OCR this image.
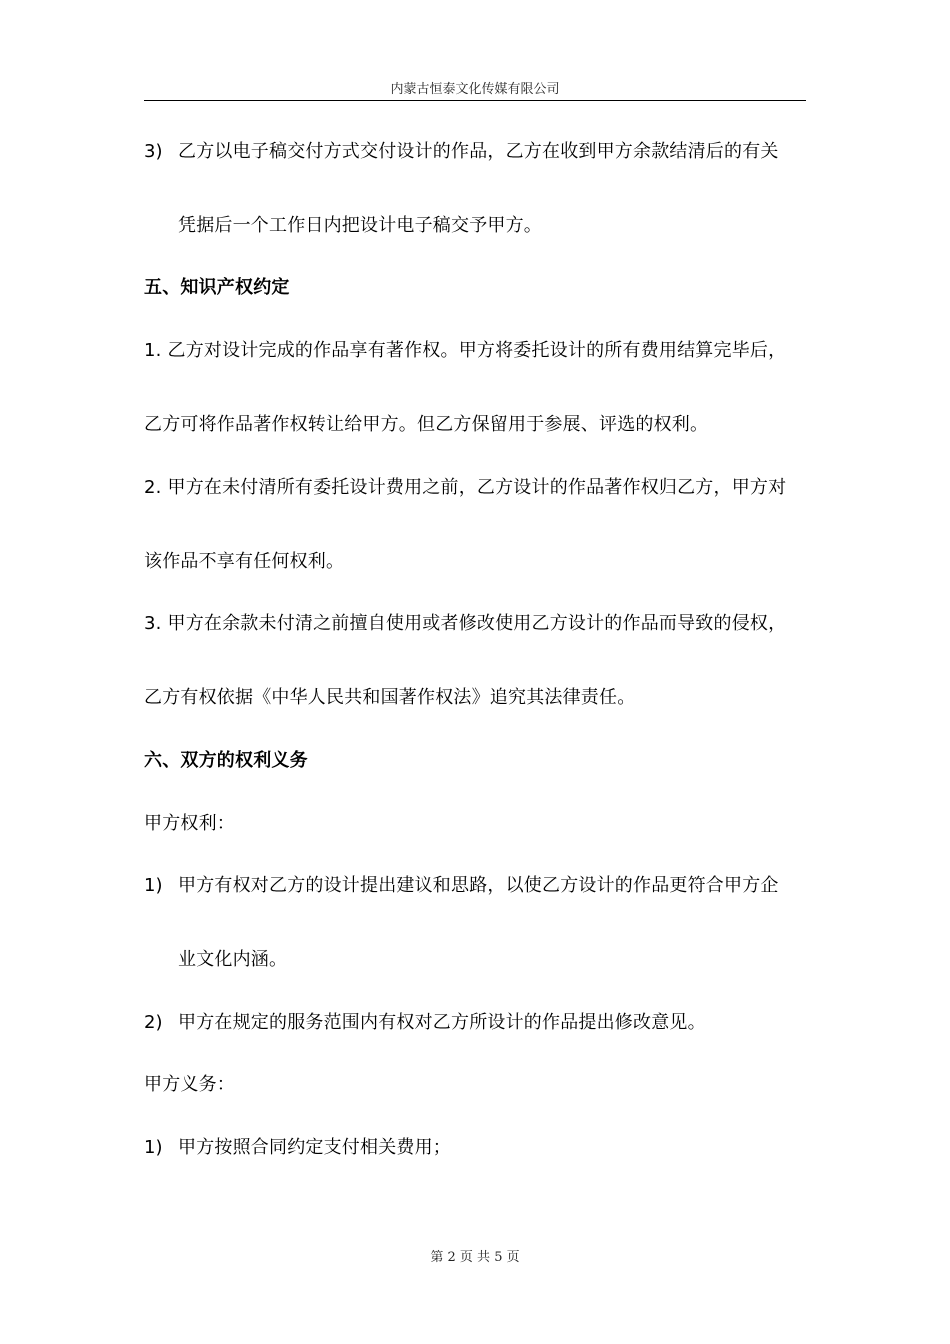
内蒙古恒泰文化传媒有限公司
3) 乙方以电子稿交付方式交付设计的作品，乙方在收到甲方余款结清后的有关
凭据后一个工作日内把设计电子稿交予甲方。
五、知识产权约定
1. 乙方对设计完成的作品享有著作权。甲方将委托设计的所有费用结算完毕后，
乙方可将作品著作权转让给甲方。但乙方保留用于参展、评选的权利。
2. 甲方在未付清所有委托设计费用之前，乙方设计的作品著作权归乙方，甲方对
该作品不享有任何权利。
3. 甲方在余款未付清之前擅自使用或者修改使用乙方设计的作品而导致的侵权，
乙方有权依据《中华人民共和国著作权法》追究其法律责任。
六、双方的权利义务
甲方权利：
1) 甲方有权对乙方的设计提出建议和思路，以使乙方设计的作品更符合甲方企
业文化内涵。
2) 甲方在规定的服务范围内有权对乙方所设计的作品提出修改意见。
甲方义务：
1) 甲方按照合同约定支付相关费用；
第 2 页 共 5 页
